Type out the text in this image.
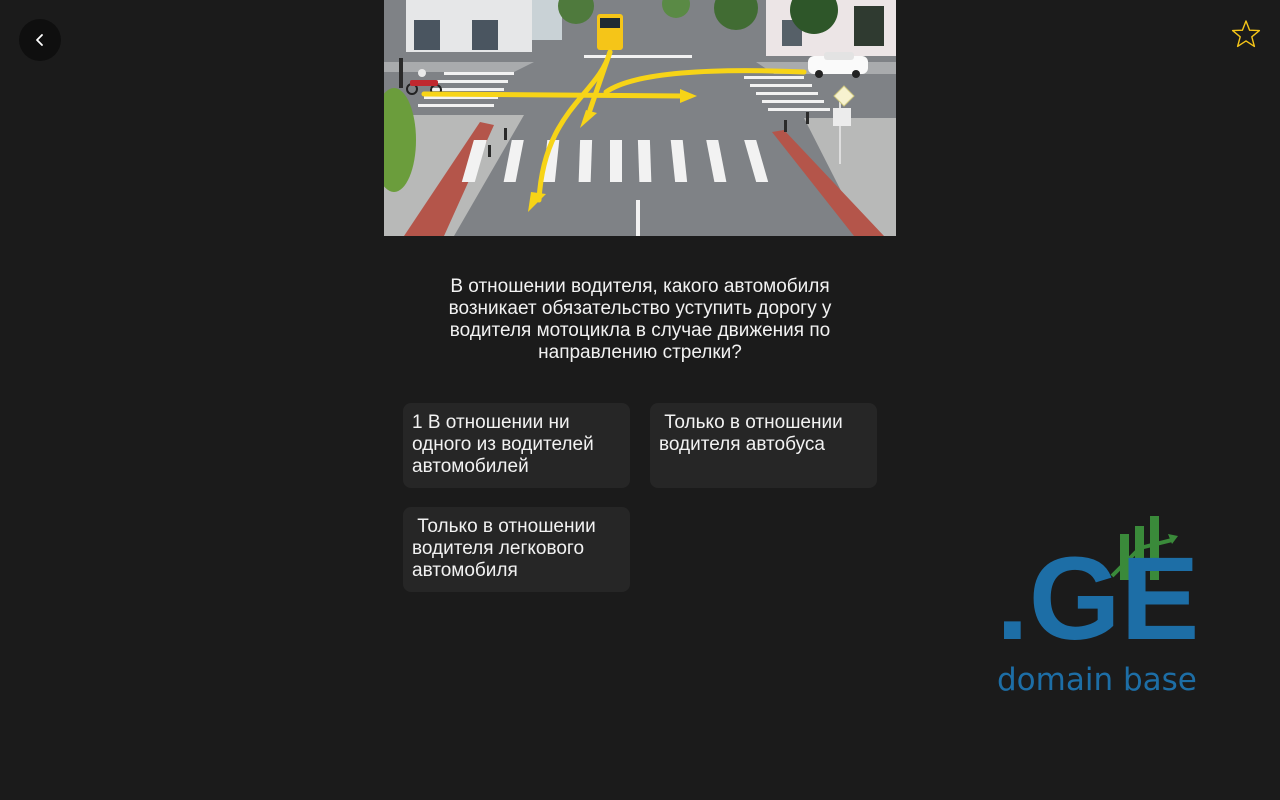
В отношении водителя, какого автомобиля возникает обязательство уступить дорогу у водителя мотоцикла в случае движения по направлению стрелки?
1 В отношении ни одного из водителей автомобилей
Только в отношении водителя автобуса
Только в отношении водителя легкового автомобиля	.GE
domain base
